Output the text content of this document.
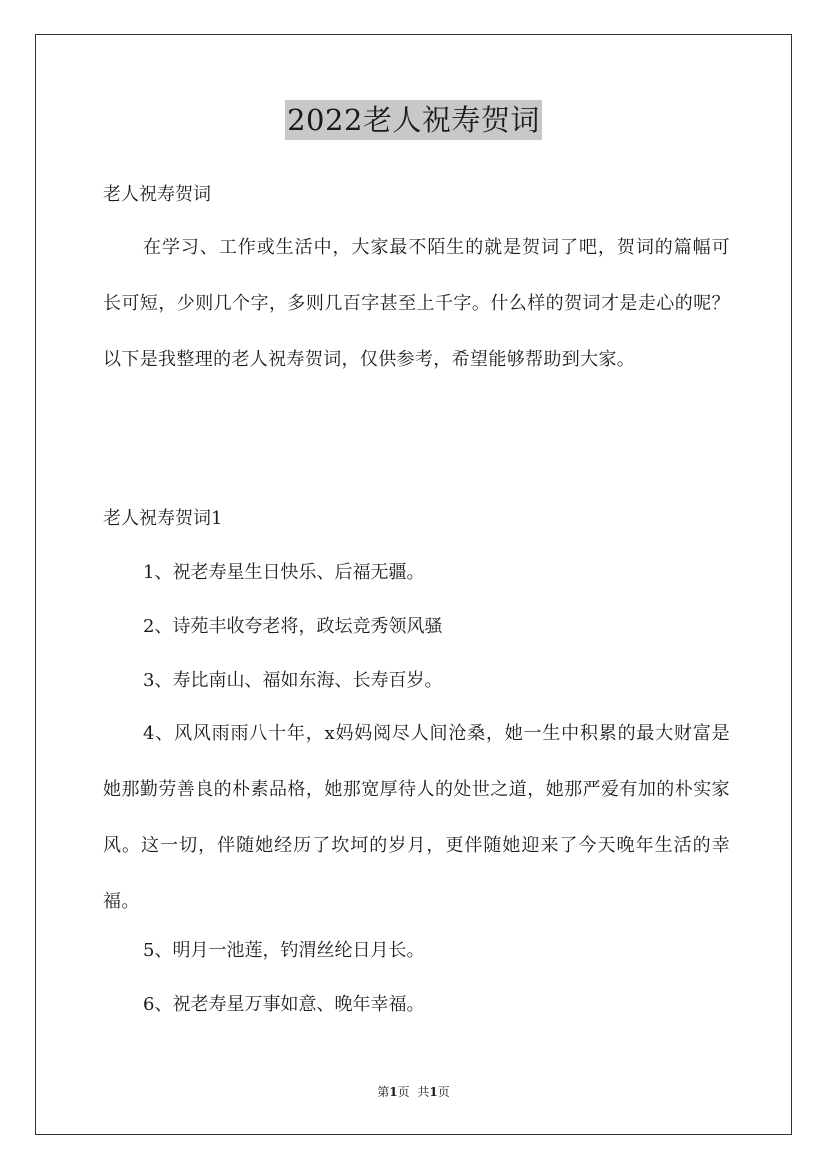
2022老人祝寿贺词
老人祝寿贺词
在学习、工作或生活中，大家最不陌生的就是贺词了吧，贺词的篇幅可长可短，少则几个字，多则几百字甚至上千字。什么样的贺词才是走心的呢？以下是我整理的老人祝寿贺词，仅供参考，希望能够帮助到大家。
老人祝寿贺词1
1、祝老寿星生日快乐、后福无疆。
2、诗苑丰收夸老将，政坛竞秀领风骚
3、寿比南山、福如东海、长寿百岁。
4、风风雨雨八十年，x妈妈阅尽人间沧桑，她一生中积累的最大财富是她那勤劳善良的朴素品格，她那宽厚待人的处世之道，她那严爱有加的朴实家风。这一切，伴随她经历了坎坷的岁月，更伴随她迎来了今天晚年生活的幸福。
5、明月一池莲，钓渭丝纶日月长。
6、祝老寿星万事如意、晚年幸福。
第1页 共1页
